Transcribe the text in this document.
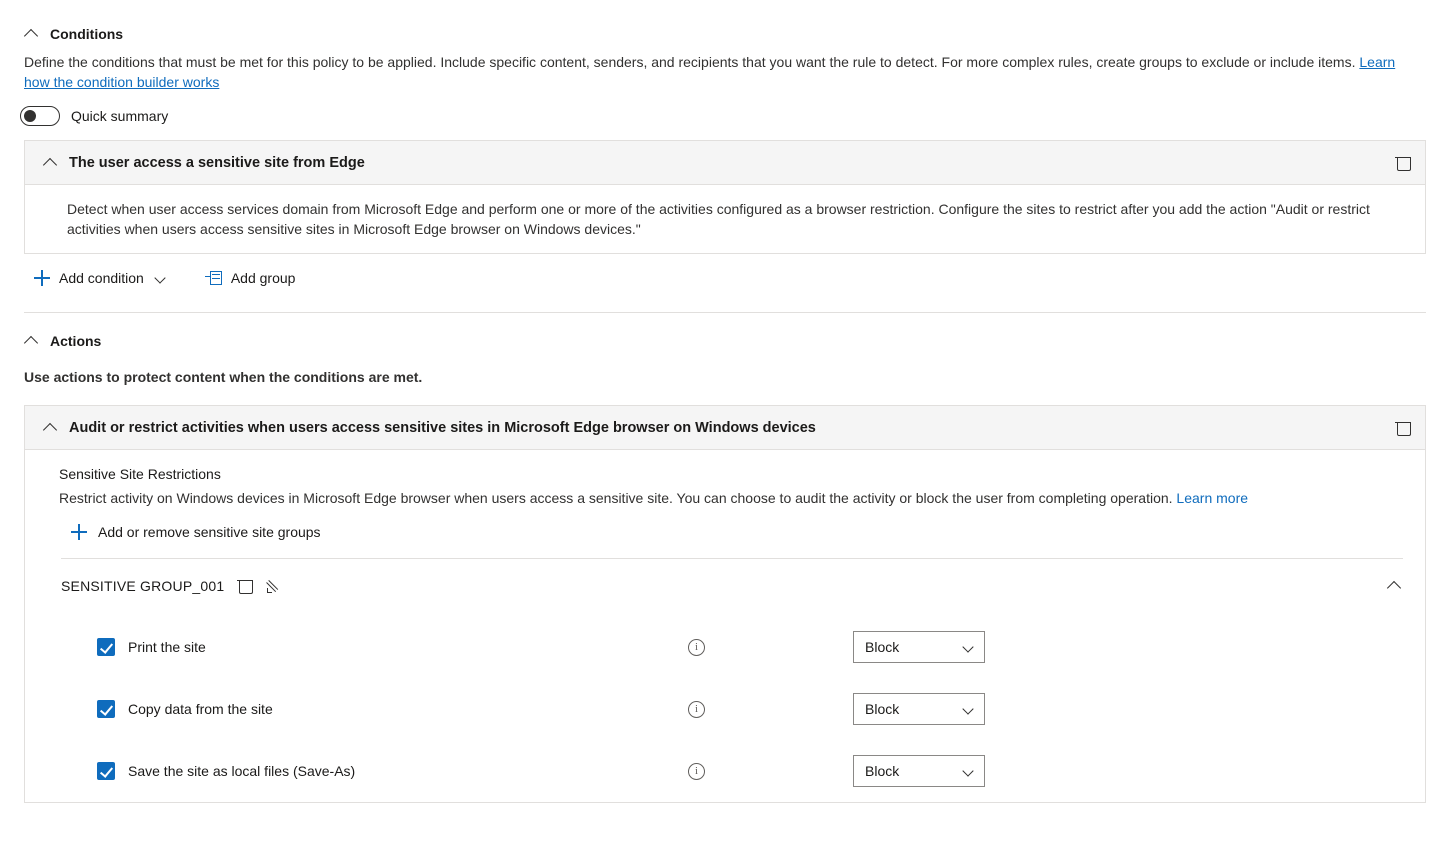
Conditions
Define the conditions that must be met for this policy to be applied. Include specific content, senders, and recipients that you want the rule to detect. For more complex rules, create groups to exclude or include items. Learn how the condition builder works
Quick summary
The user access a sensitive site from Edge
Detect when user access services domain from Microsoft Edge and perform one or more of the activities configured as a browser restriction. Configure the sites to restrict after you add the action "Audit or restrict activities when users access sensitive sites in Microsoft Edge browser on Windows devices."
Add condition	Add group
Actions
Use actions to protect content when the conditions are met.
Audit or restrict activities when users access sensitive sites in Microsoft Edge browser on Windows devices
Sensitive Site Restrictions
Restrict activity on Windows devices in Microsoft Edge browser when users access a sensitive site. You can choose to audit the activity or block the user from completing operation. Learn more
Add or remove sensitive site groups
SENSITIVE GROUP_001
Print the site i	Block
Copy data from the site i	Block
Save the site as local files (Save-As) i	Block
